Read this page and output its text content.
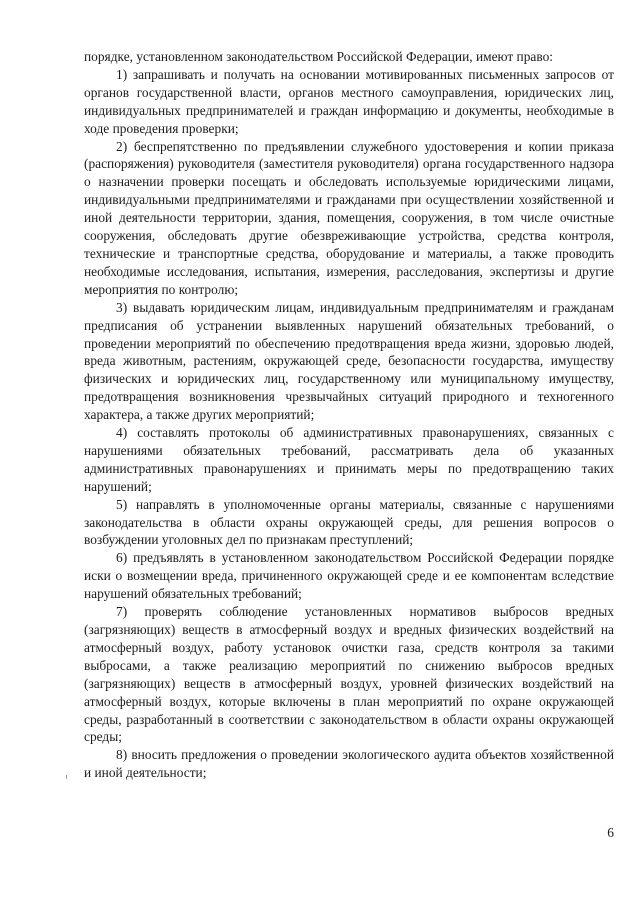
порядке, установленном законодательством Российской Федерации, имеют право:

1) запрашивать и получать на основании мотивированных письменных запросов от органов государственной власти, органов местного самоуправления, юридических лиц, индивидуальных предпринимателей и граждан информацию и документы, необходимые в ходе проведения проверки;

2) беспрепятственно по предъявлении служебного удостоверения и копии приказа (распоряжения) руководителя (заместителя руководителя) органа государственного надзора о назначении проверки посещать и обследовать используемые юридическими лицами, индивидуальными предпринимателями и гражданами при осуществлении хозяйственной и иной деятельности территории, здания, помещения, сооружения, в том числе очистные сооружения, обследовать другие обезвреживающие устройства, средства контроля, технические и транспортные средства, оборудование и материалы, а также проводить необходимые исследования, испытания, измерения, расследования, экспертизы и другие мероприятия по контролю;

3) выдавать юридическим лицам, индивидуальным предпринимателям и гражданам предписания об устранении выявленных нарушений обязательных требований, о проведении мероприятий по обеспечению предотвращения вреда жизни, здоровью людей, вреда животным, растениям, окружающей среде, безопасности государства, имуществу физических и юридических лиц, государственному или муниципальному имуществу, предотвращения возникновения чрезвычайных ситуаций природного и техногенного характера, а также других мероприятий;

4) составлять протоколы об административных правонарушениях, связанных с нарушениями обязательных требований, рассматривать дела об указанных административных правонарушениях и принимать меры по предотвращению таких нарушений;

5) направлять в уполномоченные органы материалы, связанные с нарушениями законодательства в области охраны окружающей среды, для решения вопросов о возбуждении уголовных дел по признакам преступлений;

6) предъявлять в установленном законодательством Российской Федерации порядке иски о возмещении вреда, причиненного окружающей среде и ее компонентам вследствие нарушений обязательных требований;

7) проверять соблюдение установленных нормативов выбросов вредных (загрязняющих) веществ в атмосферный воздух и вредных физических воздействий на атмосферный воздух, работу установок очистки газа, средств контроля за такими выбросами, а также реализацию мероприятий по снижению выбросов вредных (загрязняющих) веществ в атмосферный воздух, уровней физических воздействий на атмосферный воздух, которые включены в план мероприятий по охране окружающей среды, разработанный в соответствии с законодательством в области охраны окружающей среды;

8) вносить предложения о проведении экологического аудита объектов хозяйственной и иной деятельности;

6
